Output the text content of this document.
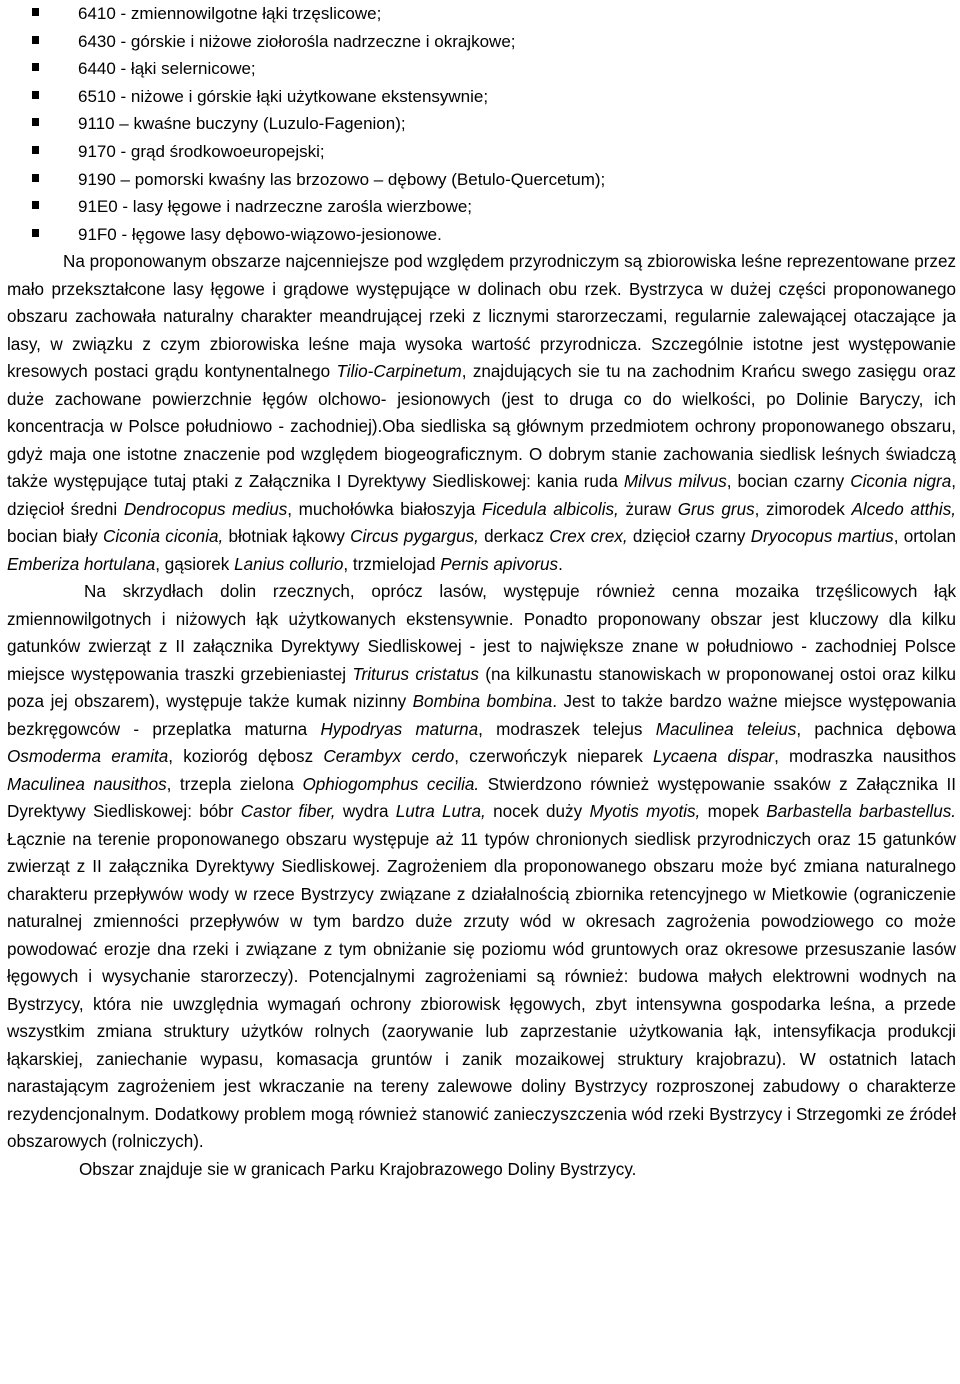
6410 - zmiennowilgotne łąki trzęslicowe;
6430 - górskie i niżowe ziołorośla nadrzeczne i okrajkowe;
6440 - łąki selernicowe;
6510 - niżowe i górskie łąki użytkowane ekstensywnie;
9110 – kwaśne buczyny (Luzulo-Fagenion);
9170 - grąd środkowoeuropejski;
9190 – pomorski kwaśny las brzozowo – dębowy (Betulo-Quercetum);
91E0 - lasy łęgowe i nadrzeczne zarośla wierzbowe;
91F0 - łęgowe lasy dębowo-wiązowo-jesionowe.

Na proponowanym obszarze najcenniejsze pod względem przyrodniczym są zbiorowiska leśne reprezentowane przez mało przekształcone lasy łęgowe i grądowe występujące w dolinach obu rzek. Bystrzyca w dużej części proponowanego obszaru zachowała naturalny charakter meandrującej rzeki z licznymi starorzeczami, regularnie zalewającej otaczające ja lasy, w związku z czym zbiorowiska leśne maja wysoka wartość przyrodnicza. Szczególnie istotne jest występowanie kresowych postaci grądu kontynentalnego Tilio-Carpinetum, znajdujących sie tu na zachodnim Krańcu swego zasięgu oraz duże zachowane powierzchnie łęgów olchowo- jesionowych (jest to druga co do wielkości, po Dolinie Baryczy, ich koncentracja w Polsce południowo - zachodniej).Oba siedliska są głównym przedmiotem ochrony proponowanego obszaru, gdyż maja one istotne znaczenie pod względem biogeograficznym. O dobrym stanie zachowania siedlisk leśnych świadczą także występujące tutaj ptaki z Załącznika I Dyrektywy Siedliskowej: kania ruda Milvus milvus, bocian czarny Ciconia nigra, dzięcioł średni Dendrocopus medius, muchołówka białoszyja Ficedula albicolis, żuraw Grus grus, zimorodek Alcedo atthis, bocian biały Ciconia ciconia, błotniak łąkowy Circus pygargus, derkacz Crex crex, dzięcioł czarny Dryocopus martius, ortolan Emberiza hortulana, gąsiorek Lanius collurio, trzmielojad Pernis apivorus.

Na skrzydłach dolin rzecznych, oprócz lasów, występuje również cenna mozaika trzęślicowych łąk zmiennowilgotnych i niżowych łąk użytkowanych ekstensywnie. Ponadto proponowany obszar jest kluczowy dla kilku gatunków zwierząt z II załącznika Dyrektywy Siedliskowej - jest to największe znane w południowo - zachodniej Polsce miejsce występowania traszki grzebieniastej Triturus cristatus (na kilkunastu stanowiskach w proponowanej ostoi oraz kilku poza jej obszarem), występuje także kumak nizinny Bombina bombina. Jest to także bardzo ważne miejsce występowania bezkręgowców - przeplatka maturna Hypodryas maturna, modraszek telejus Maculinea teleius, pachnica dębowa Osmoderma eramita, kozioróg dębosz Cerambyx cerdo, czerwończyk nieparek Lycaena dispar, modraszka nausithos Maculinea nausithos, trzepla zielona Ophiogomphus cecilia. Stwierdzono również występowanie ssaków z Załącznika II Dyrektywy Siedliskowej: bóbr Castor fiber, wydra Lutra Lutra, nocek duży Myotis myotis, mopek Barbastella barbastellus. Łącznie na terenie proponowanego obszaru występuje aż 11 typów chronionych siedlisk przyrodniczych oraz 15 gatunków zwierząt z II załącznika Dyrektywy Siedliskowej. Zagrożeniem dla proponowanego obszaru może być zmiana naturalnego charakteru przepływów wody w rzece Bystrzycy związane z działalnością zbiornika retencyjnego w Mietkowie (ograniczenie naturalnej zmienności przepływów w tym bardzo duże zrzuty wód w okresach zagrożenia powodziowego co może powodować erozje dna rzeki i związane z tym obniżanie się poziomu wód gruntowych oraz okresowe przesuszanie lasów łęgowych i wysychanie starorzeczy). Potencjalnymi zagrożeniami są również: budowa małych elektrowni wodnych na Bystrzycy, która nie uwzględnia wymagań ochrony zbiorowisk łęgowych, zbyt intensywna gospodarka leśna, a przede wszystkim zmiana struktury użytków rolnych (zaorywanie lub zaprzestanie użytkowania łąk, intensyfikacja produkcji łąkarskiej, zaniechanie wypasu, komasacja gruntów i zanik mozaikowej struktury krajobrazu). W ostatnich latach narastającym zagrożeniem jest wkraczanie na tereny zalewowe doliny Bystrzycy rozproszonej zabudowy o charakterze rezydencjonalnym. Dodatkowy problem mogą również stanowić zanieczyszczenia wód rzeki Bystrzycy i Strzegomki ze źródeł obszarowych (rolniczych).

Obszar znajduje sie w granicach Parku Krajobrazowego Doliny Bystrzycy.
